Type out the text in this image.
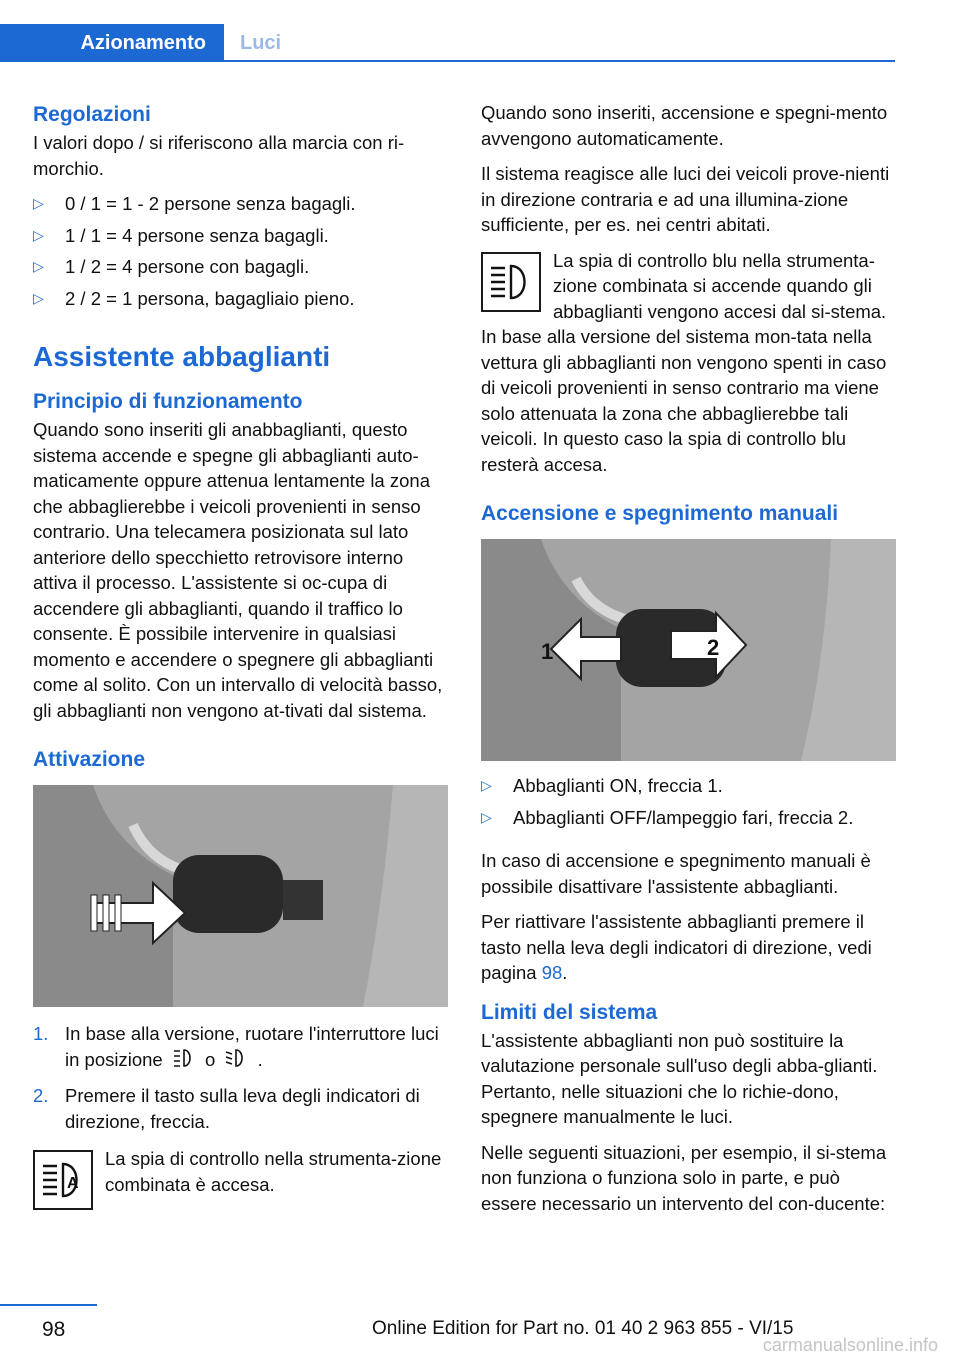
Azionamento	Luci
Regolazioni

I valori dopo / si riferiscono alla marcia con ri-morchio.

▷ 0 / 1 = 1 - 2 persone senza bagagli.
▷ 1 / 1 = 4 persone senza bagagli.
▷ 1 / 2 = 4 persone con bagagli.
▷ 2 / 2 = 1 persona, bagagliaio pieno.
Assistente abbaglianti
Principio di funzionamento

Quando sono inseriti gli anabbaglianti, questo sistema accende e spegne gli abbaglianti auto-maticamente oppure attenua lentamente la zona che abbaglierebbe i veicoli provenienti in senso contrario. Una telecamera posizionata sul lato anteriore dello specchietto retrovisore interno attiva il processo. L'assistente si oc-cupa di accendere gli abbaglianti, quando il traffico lo consente. È possibile intervenire in qualsiasi momento e accendere o spegnere gli abbaglianti come al solito. Con un intervallo di velocità basso, gli abbaglianti non vengono at-tivati dal sistema.

Attivazione
1. In base alla versione, ruotare l'interruttore luci in posizione o .
2. Premere il tasto sulla leva degli indicatori di direzione, freccia.
A

La spia di controllo nella strumenta-zione combinata è accesa.

Quando sono inseriti, accensione e spegni-mento avvengono automaticamente.

Il sistema reagisce alle luci dei veicoli prove-nienti in direzione contraria e ad una illumina-zione sufficiente, per es. nei centri abitati.

La spia di controllo blu nella strumenta-zione combinata si accende quando gli abbaglianti vengono accesi dal si-stema. In base alla versione del sistema mon-tata nella vettura gli abbaglianti non vengono spenti in caso di veicoli provenienti in senso contrario ma viene solo attenuata la zona che abbaglierebbe tali veicoli. In questo caso la spia di controllo blu resterà accesa.

Accensione e spegnimento manuali
1	2
▷ Abbaglianti ON, freccia 1.
▷ Abbaglianti OFF/lampeggio fari, freccia 2.

In caso di accensione e spegnimento manuali è possibile disattivare l'assistente abbaglianti.

Per riattivare l'assistente abbaglianti premere il tasto nella leva degli indicatori di direzione, vedi pagina 98.

Limiti del sistema

L'assistente abbaglianti non può sostituire la valutazione personale sull'uso degli abba-glianti. Pertanto, nelle situazioni che lo richie-dono, spegnere manualmente le luci.

Nelle seguenti situazioni, per esempio, il si-stema non funziona o funziona solo in parte, e può essere necessario un intervento del con-ducente:

98	Online Edition for Part no. 01 40 2 963 855 - VI/15
carmanualsonline.info
